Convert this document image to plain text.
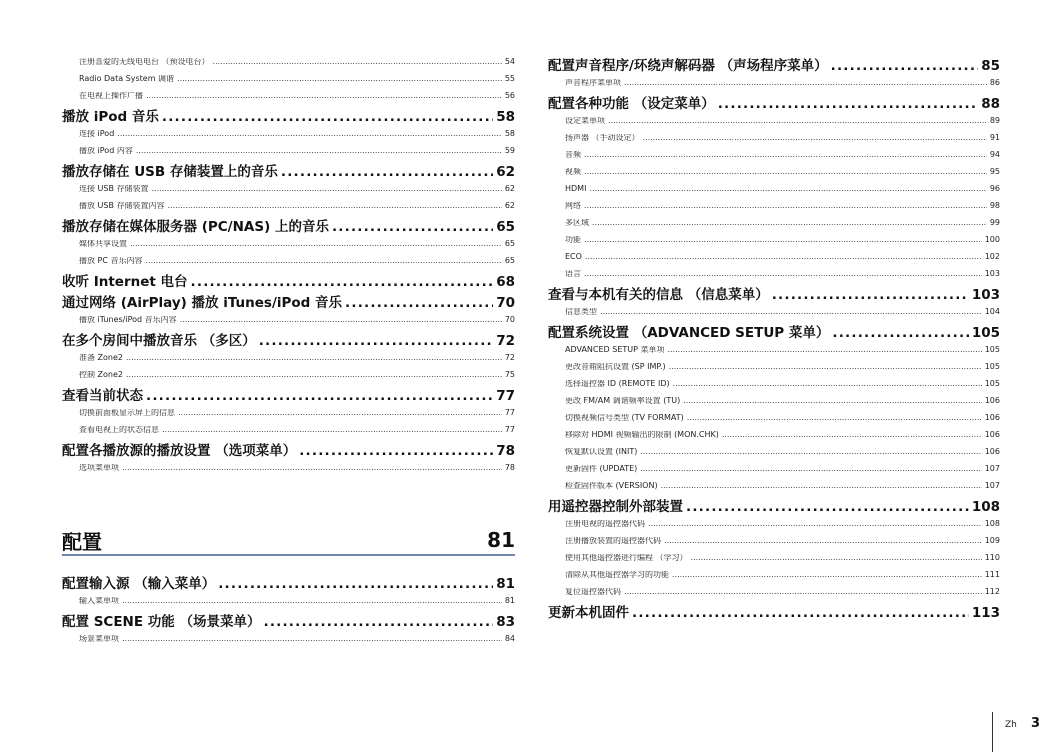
注册喜爱的无线电电台 （预设电台） .....	54
Radio Data System 调谐 .....	55
在电视上操作广播 .....	56
播放 iPod 音乐 .....	58
连接 iPod .....	58
播放 iPod 内容 .....	59
播放存储在 USB 存储装置上的音乐 .....	62
连接 USB 存储装置 .....	62
播放 USB 存储装置内容 .....	62
播放存储在媒体服务器 (PC/NAS) 上的音乐 .....	65
媒体共享设置 .....	65
播放 PC 音乐内容 .....	65
收听 Internet 电台 .....	68
通过网络 (AirPlay) 播放 iTunes/iPod 音乐 .....	70
播放 iTunes/iPod 音乐内容 .....	70
在多个房间中播放音乐 （多区） .....	72
准备 Zone2 .....	72
控制 Zone2 .....	75
查看当前状态 .....	77
切换前面板显示屏上的信息 .....	77
查看电视上的状态信息 .....	77
配置各播放源的播放设置 （选项菜单） .....	78
选项菜单项 .....	78
配置	81
配置输入源 （输入菜单） .....	81
输入菜单项 .....	81
配置 SCENE 功能 （场景菜单） .....	83
场景菜单项 .....	84
配置声音程序/环绕声解码器 （声场程序菜单） .....	85
声音程序菜单项 .....	86
配置各种功能 （设定菜单） .....	88
设定菜单项 .....	89
扬声器 （手动设定） .....	91
音频 .....	94
视频 .....	95
HDMI .....	96
网络 .....	98
多区域 .....	99
功能 .....	100
ECO .....	102
语言 .....	103
查看与本机有关的信息 （信息菜单） .....	103
信息类型 .....	104
配置系统设置 （ADVANCED SETUP 菜单） .....	105
ADVANCED SETUP 菜单项 .....	105
更改音箱阻抗设置 (SP IMP.) .....	105
选择遥控器 ID (REMOTE ID) .....	105
更改 FM/AM 调谐频率设置 (TU) .....	106
切换视频信号类型 (TV FORMAT) .....	106
移除对 HDMI 视频输出的限制 (MON.CHK) .....	106
恢复默认设置 (INIT) .....	106
更新固件 (UPDATE) .....	107
检查固件版本 (VERSION) .....	107
用遥控器控制外部装置 .....	108
注册电视的遥控器代码 .....	108
注册播放装置的遥控器代码 .....	109
使用其他遥控器进行编程 （学习） .....	110
清除从其他遥控器学习的功能 .....	111
复位遥控器代码 .....	112
更新本机固件 .....	113
Zh 3
